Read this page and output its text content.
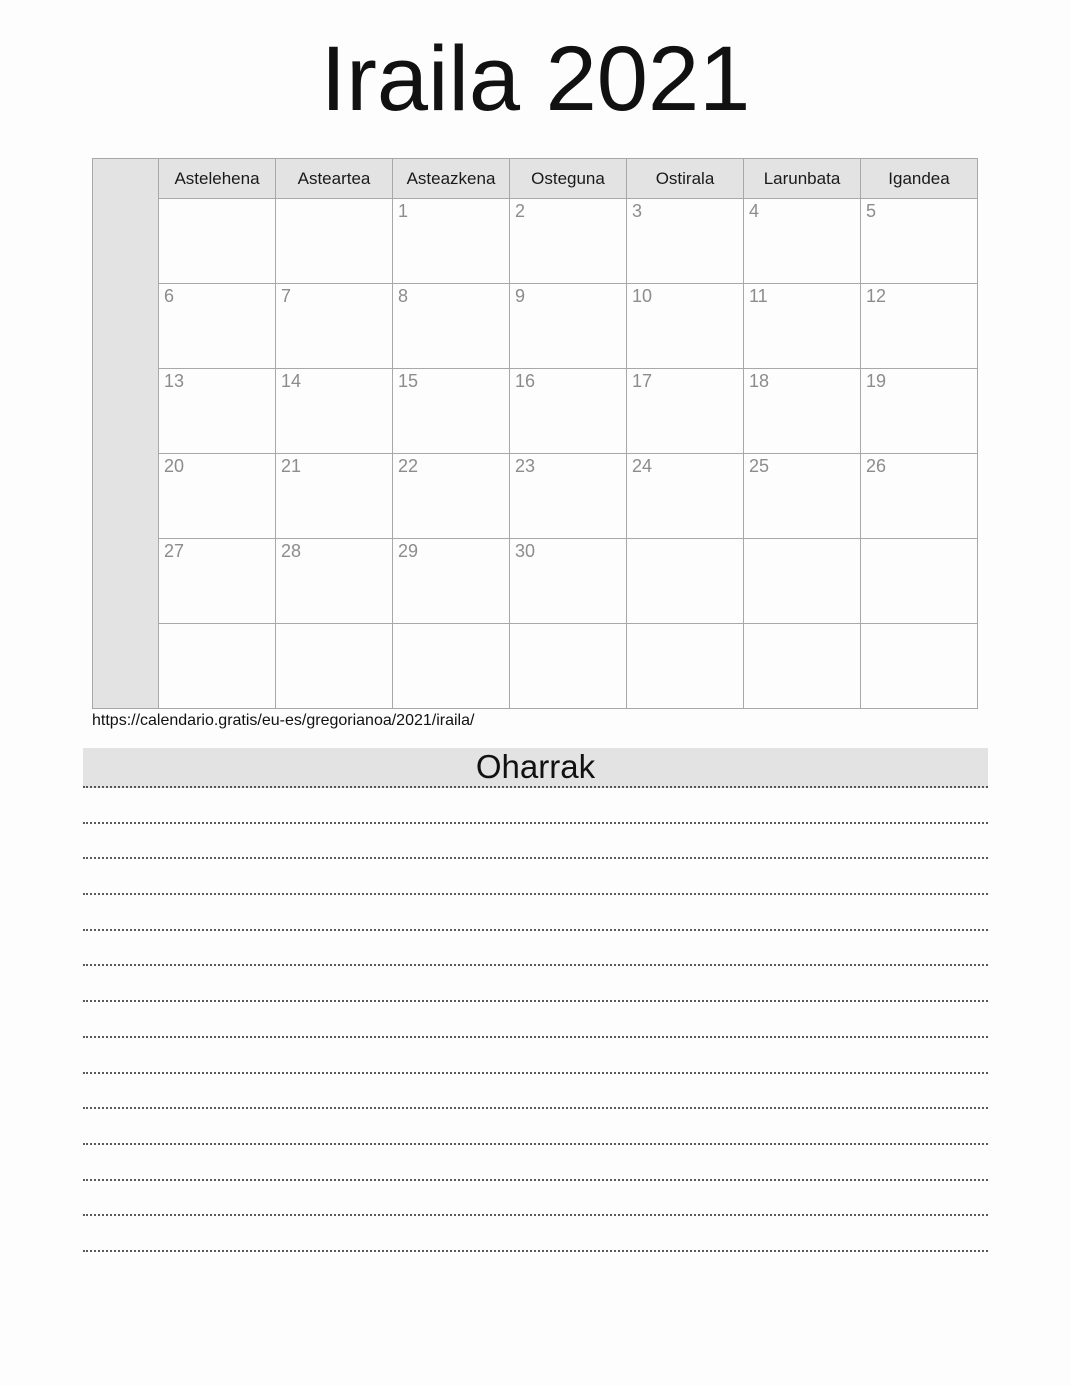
Iraila 2021
	Astelehena	Asteartea	Asteazkena	Osteguna	Ostirala	Larunbata	Igandea
			1	2	3	4	5
	6	7	8	9	10	11	12
	13	14	15	16	17	18	19
	20	21	22	23	24	25	26
	27	28	29	30			

https://calendario.gratis/eu-es/gregorianoa/2021/iraila/
Oharrak
